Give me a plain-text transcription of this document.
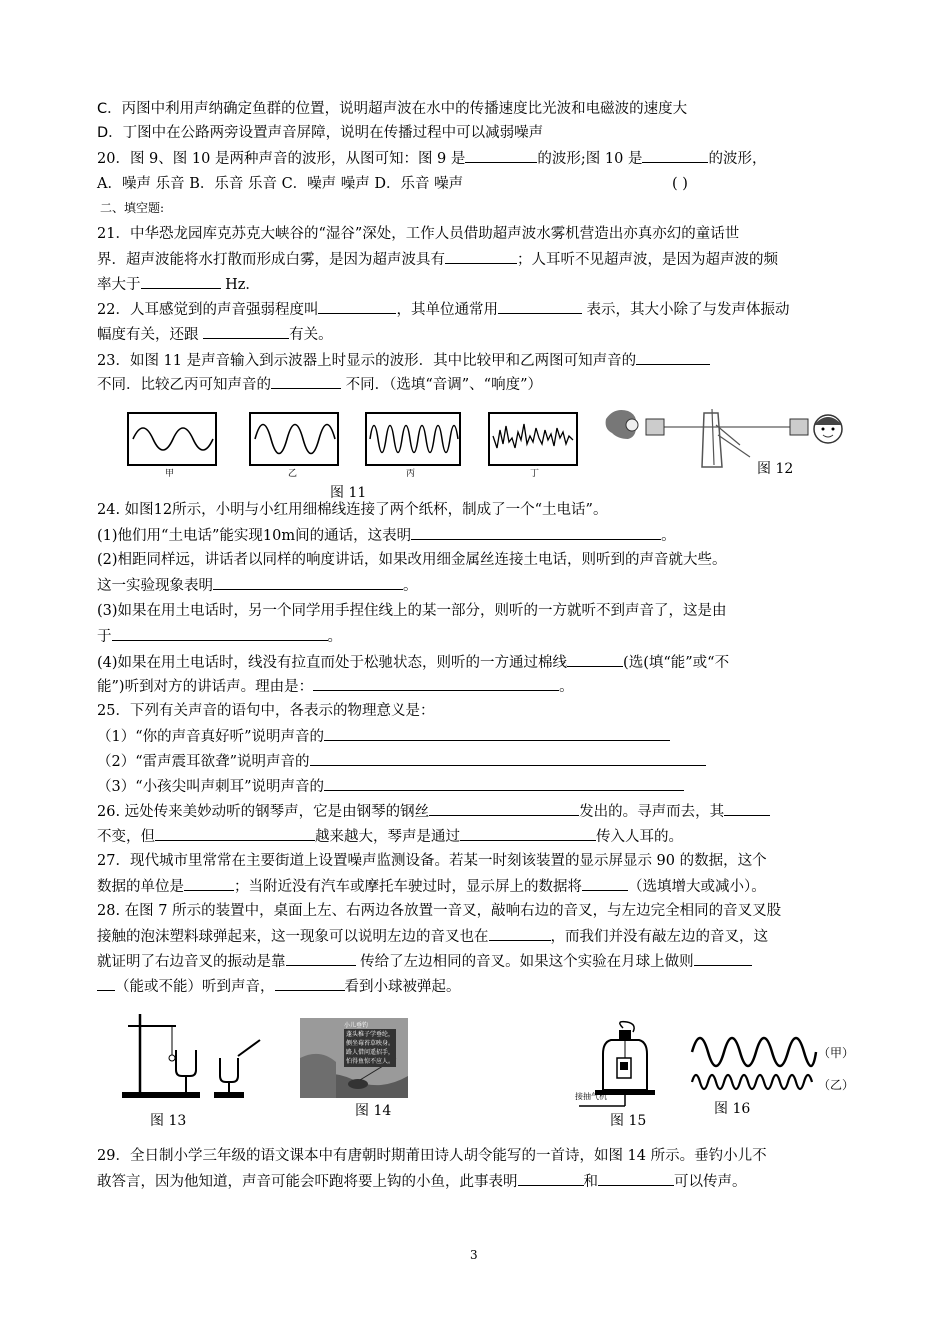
C．丙图中利用声纳确定鱼群的位置，说明超声波在水中的传播速度比光波和电磁波的速度大
D．丁图中在公路两旁设置声音屏障，说明在传播过程中可以减弱噪声
20．图 9、图 10 是两种声音的波形，从图可知：图 9 是	的波形;图 10 是	的波形，
A．噪声 乐音 B．乐音 乐音 C．噪声 噪声 D．乐音 噪声	( )
二、填空题:
21．中华恐龙园库克苏克大峡谷的“湿谷”深处，工作人员借助超声波水雾机营造出亦真亦幻的童话世
界．超声波能将水打散而形成白雾，是因为超声波具有	；人耳听不见超声波，是因为超声波的频
率大于	Hz．
22．人耳感觉到的声音强弱程度叫	，其单位通常用	表示，其大小除了与发声体振动
幅度有关，还跟	有关。
23．如图 11 是声音输入到示波器上时显示的波形．其中比较甲和乙两图可知声音的
不同．比较乙丙可知声音的	不同．（选填“音调”、“响度”）
甲	乙	丙	丁
图 11
图 12
24. 如图12所示，小明与小红用细棉线连接了两个纸杯，制成了一个“土电话”。
(1)他们用“土电话”能实现10m间的通话，这表明	。
(2)相距同样远，讲话者以同样的响度讲话，如果改用细金属丝连接土电话，则听到的声音就大些。
这一实验现象表明	。
(3)如果在用土电话时，另一个同学用手捏住线上的某一部分，则听的一方就听不到声音了，这是由
于	。
(4)如果在用土电话时，线没有拉直而处于松驰状态，则听的一方通过棉线	(选(填“能”或“不
能”)听到对方的讲话声。理由是：	。
25．下列有关声音的语句中，各表示的物理意义是：
（1）“你的声音真好听”说明声音的
（2）“雷声震耳欲聋”说明声音的
（3）“小孩尖叫声刺耳”说明声音的
26. 远处传来美妙动听的钢琴声，它是由钢琴的钢丝	发出的。寻声而去，其
不变，但	越来越大，琴声是通过	传入人耳的。
27．现代城市里常常在主要街道上设置噪声监测设备。若某一时刻该装置的显示屏显示 90 的数据，这个
数据的单位是	；当附近没有汽车或摩托车驶过时，显示屏上的数据将	（选填增大或减小）。
28. 在图 7 所示的装置中，桌面上左、右两边各放置一音叉，敲响右边的音叉，与左边完全相同的音叉叉股
接触的泡沫塑料球弹起来，这一现象可以说明左边的音叉也在	，而我们并没有敲左边的音叉，这
就证明了右边音叉的振动是靠	传给了左边相同的音叉。如果这个实验在月球上做则
（能或不能）听到声音，	看到小球被弹起。
图 13
小儿垂钓
蓬头稚子学垂纶，
侧坐莓苔草映身。
路人借问遥招手，
怕得鱼惊不应人。
图 14
接抽气机
图 15
（甲）
（乙）
图 16
29．全日制小学三年级的语文课本中有唐朝时期莆田诗人胡令能写的一首诗，如图 14 所示。垂钓小儿不
敢答言，因为他知道，声音可能会吓跑将要上钩的小鱼，此事表明	和	可以传声。
3
